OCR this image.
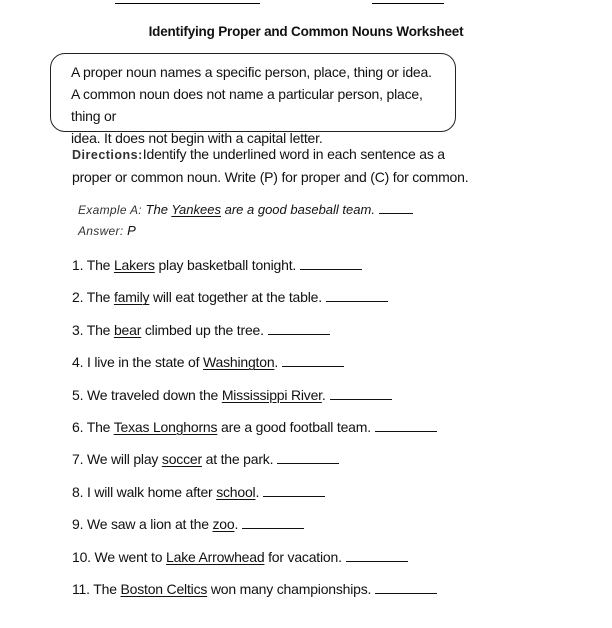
Identifying Proper and Common Nouns Worksheet
A proper noun names a specific person, place, thing or idea.
A common noun does not name a particular person, place, thing or
idea. It does not begin with a capital letter.
Directions:Identify the underlined word in each sentence as a
proper or common noun. Write (P) for proper and (C) for common.
Example A: The Yankees are a good baseball team.
Answer: P
1. The Lakers play basketball tonight.
2. The family will eat together at the table.
3. The bear climbed up the tree.
4. I live in the state of Washington.
5. We traveled down the Mississippi River.
6. The Texas Longhorns are a good football team.
7. We will play soccer at the park.
8. I will walk home after school.
9. We saw a lion at the zoo.
10. We went to Lake Arrowhead for vacation.
11. The Boston Celtics won many championships.
